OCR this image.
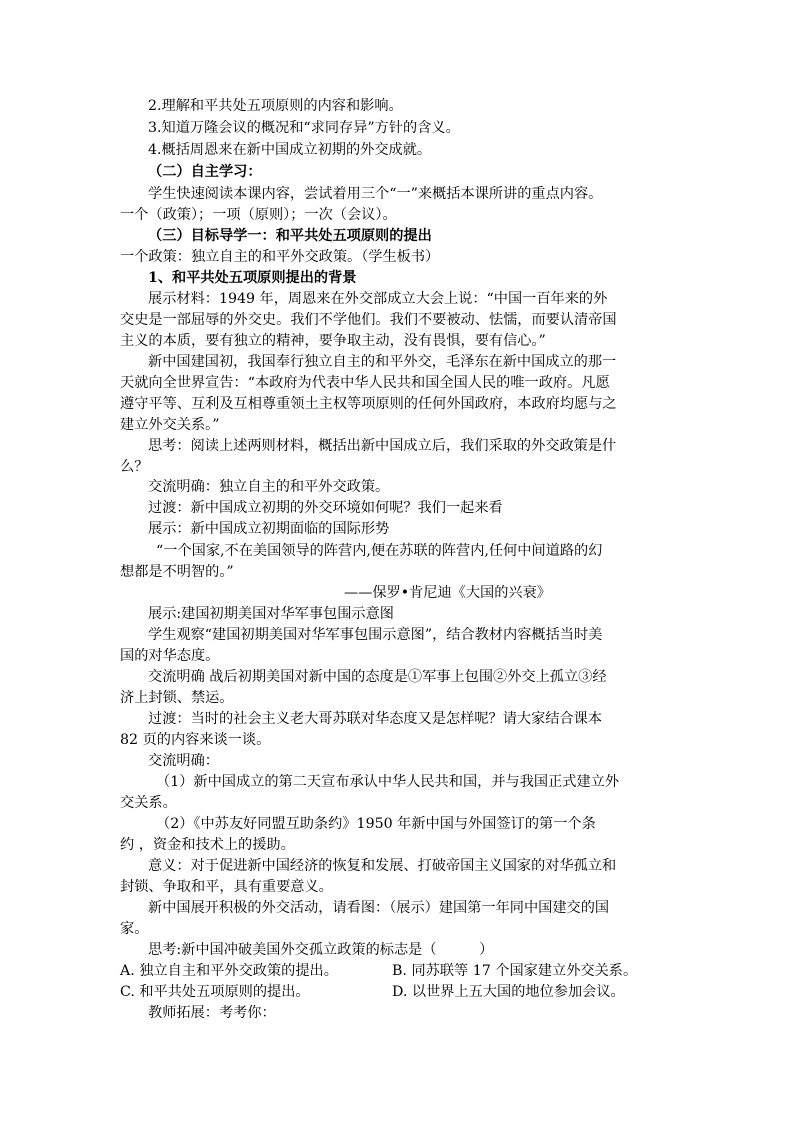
2.理解和平共处五项原则的内容和影响。
3.知道万隆会议的概况和“求同存异”方针的含义。
4.概括周恩来在新中国成立初期的外交成就。
（二）自主学习：
学生快速阅读本课内容，尝试着用三个“一”来概括本课所讲的重点内容。
一个（政策）；一项（原则）；一次（会议）。
（三）目标导学一：和平共处五项原则的提出
一个政策：独立自主的和平外交政策。（学生板书）
1、和平共处五项原则提出的背景
展示材料：1949 年，周恩来在外交部成立大会上说：“中国一百年来的外
交史是一部屈辱的外交史。我们不学他们。我们不要被动、怯懦，而要认清帝国
主义的本质，要有独立的精神，要争取主动，没有畏惧，要有信心。”
新中国建国初，我国奉行独立自主的和平外交，毛泽东在新中国成立的那一
天就向全世界宣告：“本政府为代表中华人民共和国全国人民的唯一政府。凡愿
遵守平等、互利及互相尊重领土主权等项原则的任何外国政府，本政府均愿与之
建立外交关系。”
思考：阅读上述两则材料，概括出新中国成立后，我们采取的外交政策是什
么？
交流明确：独立自主的和平外交政策。
过渡：新中国成立初期的外交环境如何呢？我们一起来看
展示：新中国成立初期面临的国际形势
“一个国家,不在美国领导的阵营内,便在苏联的阵营内,任何中间道路的幻
想都是不明智的。”
——保罗•肯尼迪《大国的兴衰》
展示:建国初期美国对华军事包围示意图
学生观察“建国初期美国对华军事包围示意图”，结合教材内容概括当时美
国的对华态度。
交流明确 战后初期美国对新中国的态度是①军事上包围②外交上孤立③经
济上封锁、禁运。
过渡：当时的社会主义老大哥苏联对华态度又是怎样呢？请大家结合课本
82 页的内容来谈一谈。
交流明确：
（1）新中国成立的第二天宣布承认中华人民共和国，并与我国正式建立外
交关系。
（2）《中苏友好同盟互助条约》1950 年新中国与外国签订的第一个条
约 ，资金和技术上的援助。
意义：对于促进新中国经济的恢复和发展、打破帝国主义国家的对华孤立和
封锁、争取和平，具有重要意义。
新中国展开积极的外交活动，请看图：（展示）建国第一年同中国建交的国
家。
思考:新中国冲破美国外交孤立政策的标志是（　　　）
A. 独立自主和平外交政策的提出。	B. 同苏联等 17 个国家建立外交关系。
C. 和平共处五项原则的提出。	D. 以世界上五大国的地位参加会议。
教师拓展：考考你：
